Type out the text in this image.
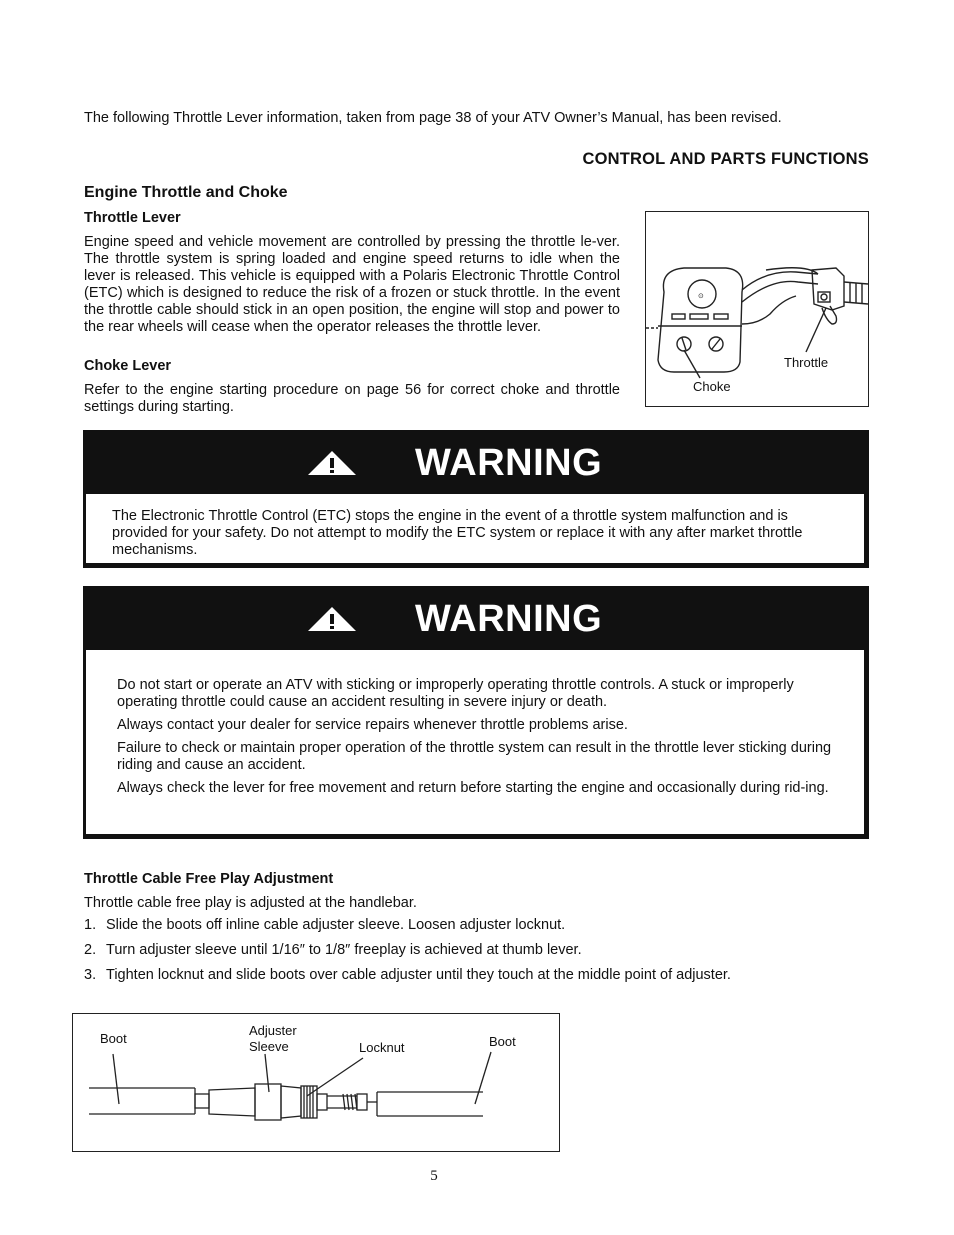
The following Throttle Lever information, taken from page 38 of your ATV Owner’s Manual, has been revised.
CONTROL AND PARTS FUNCTIONS
Engine Throttle and Choke
Throttle Lever
Engine speed and vehicle movement are controlled by pressing the throttle le-ver. The throttle system is spring loaded and engine speed returns to idle when the lever is released. This vehicle is equipped with a Polaris Electronic Throttle Control (ETC) which is designed to reduce the risk of a frozen or stuck throttle. In the event the throttle cable should stick in an open position, the engine will stop and power to the rear wheels will cease when the operator releases the throttle lever.
Choke Lever
Refer to the engine starting procedure on page 56 for correct choke and throttle settings during starting.
⊙
Throttle
Choke
WARNING
The Electronic Throttle Control (ETC) stops the engine in the event of a throttle system malfunction and is provided for your safety. Do not attempt to modify the ETC system or replace it with any after market throttle mechanisms.
WARNING

Do not start or operate an ATV with sticking or improperly operating throttle controls. A stuck or improperly operating throttle could cause an accident resulting in severe injury or death.

Always contact your dealer for service repairs whenever throttle problems arise.

Failure to check or maintain proper operation of the throttle system can result in the throttle lever sticking during riding and cause an accident.

Always check the lever for free movement and return before starting the engine and occasionally during rid-ing.

Throttle Cable Free Play Adjustment
Throttle cable free play is adjusted at the handlebar.
1. Slide the boots off inline cable adjuster sleeve. Loosen adjuster locknut.
2. Turn adjuster sleeve until 1/16″ to 1/8″ freeplay is achieved at thumb lever.
3. Tighten locknut and slide boots over cable adjuster until they touch at the middle point of adjuster.
Boot
Adjuster
Sleeve	Locknut	Boot
5
